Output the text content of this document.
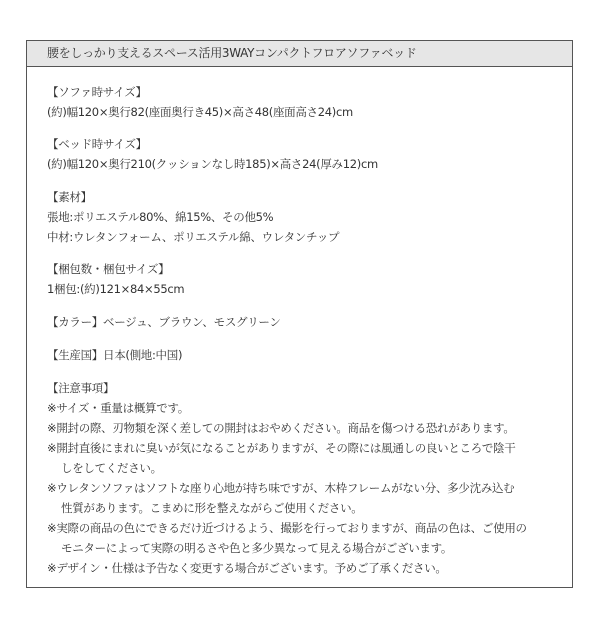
腰をしっかり支えるスペース活用3WAYコンパクトフロアソファベッド
【ソファ時サイズ】
(約)幅120×奥行82(座面奥行き45)×高さ48(座面高さ24)cm
【ベッド時サイズ】
(約)幅120×奥行210(クッションなし時185)×高さ24(厚み12)cm
【素材】
張地:ポリエステル80%、綿15%、その他5%
中材:ウレタンフォーム、ポリエステル綿、ウレタンチップ
【梱包数・梱包サイズ】
1梱包:(約)121×84×55cm
【カラー】ベージュ、ブラウン、モスグリーン
【生産国】日本(側地:中国)
【注意事項】
※サイズ・重量は概算です。
※開封の際、刃物類を深く差しての開封はおやめください。商品を傷つける恐れがあります。
※開封直後にまれに臭いが気になることがありますが、その際には風通しの良いところで陰干
しをしてください。
※ウレタンソファはソフトな座り心地が持ち味ですが、木枠フレームがない分、多少沈み込む
性質があります。こまめに形を整えながらご使用ください。
※実際の商品の色にできるだけ近づけるよう、撮影を行っておりますが、商品の色は、ご使用の
モニターによって実際の明るさや色と多少異なって見える場合がございます。
※デザイン・仕様は予告なく変更する場合がございます。予めご了承ください。
